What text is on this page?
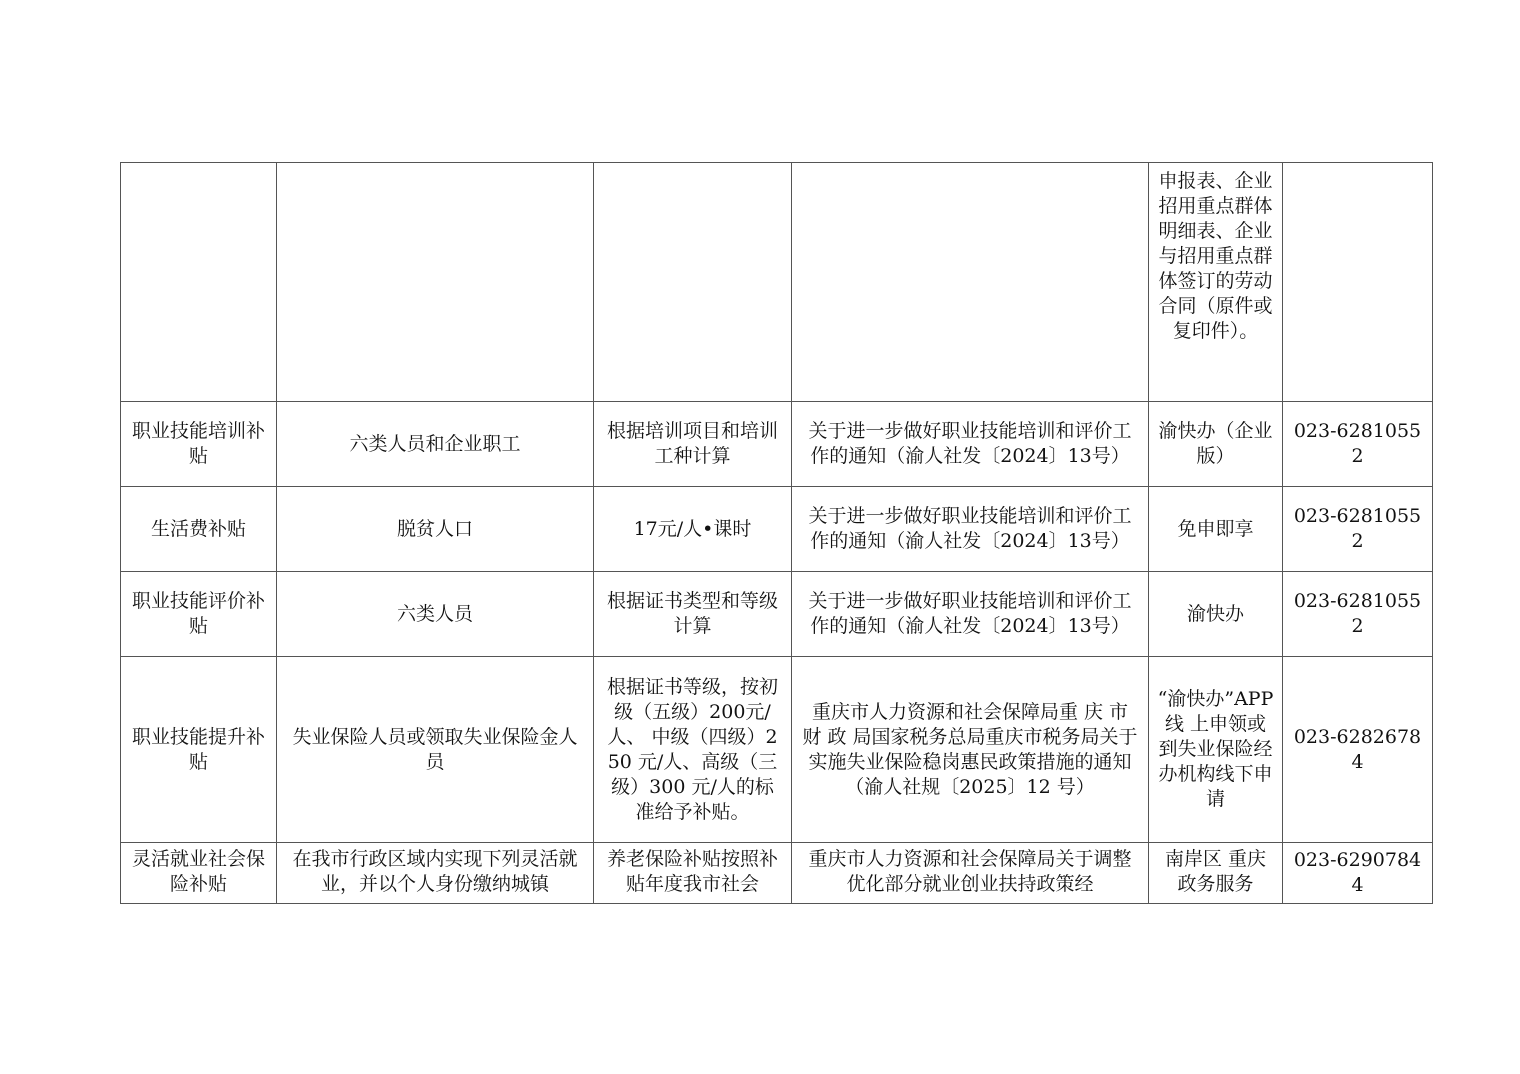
				申报表、企业招用重点群体明细表、企业与招用重点群体签订的劳动合同（原件或复印件）。	
职业技能培训补贴	六类人员和企业职工	根据培训项目和培训工种计算	关于进一步做好职业技能培训和评价工作的通知（渝人社发〔2024〕13号）	渝快办（企业版）	023-62810552
生活费补贴	脱贫人口	17元/人•课时	关于进一步做好职业技能培训和评价工作的通知（渝人社发〔2024〕13号）	免申即享	023-62810552
职业技能评价补贴	六类人员	根据证书类型和等级计算	关于进一步做好职业技能培训和评价工作的通知（渝人社发〔2024〕13号）	渝快办	023-62810552
职业技能提升补贴	失业保险人员或领取失业保险金人员	根据证书等级，按初级（五级）200元/人、 中级（四级）250 元/人、高级（三级）300 元/人的标准给予补贴。	重庆市人力资源和社会保障局重 庆 市 财 政 局国家税务总局重庆市税务局关于实施失业保险稳岗惠民政策措施的通知（渝人社规〔2025〕12 号）	“渝快办”APP 线 上申领或到失业保险经办机构线下申请	023-62826784
灵活就业社会保险补贴	在我市行政区域内实现下列灵活就业，并以个人身份缴纳城镇	养老保险补贴按照补贴年度我市社会	重庆市人力资源和社会保障局关于调整优化部分就业创业扶持政策经	南岸区 重庆政务服务	023-62907844
